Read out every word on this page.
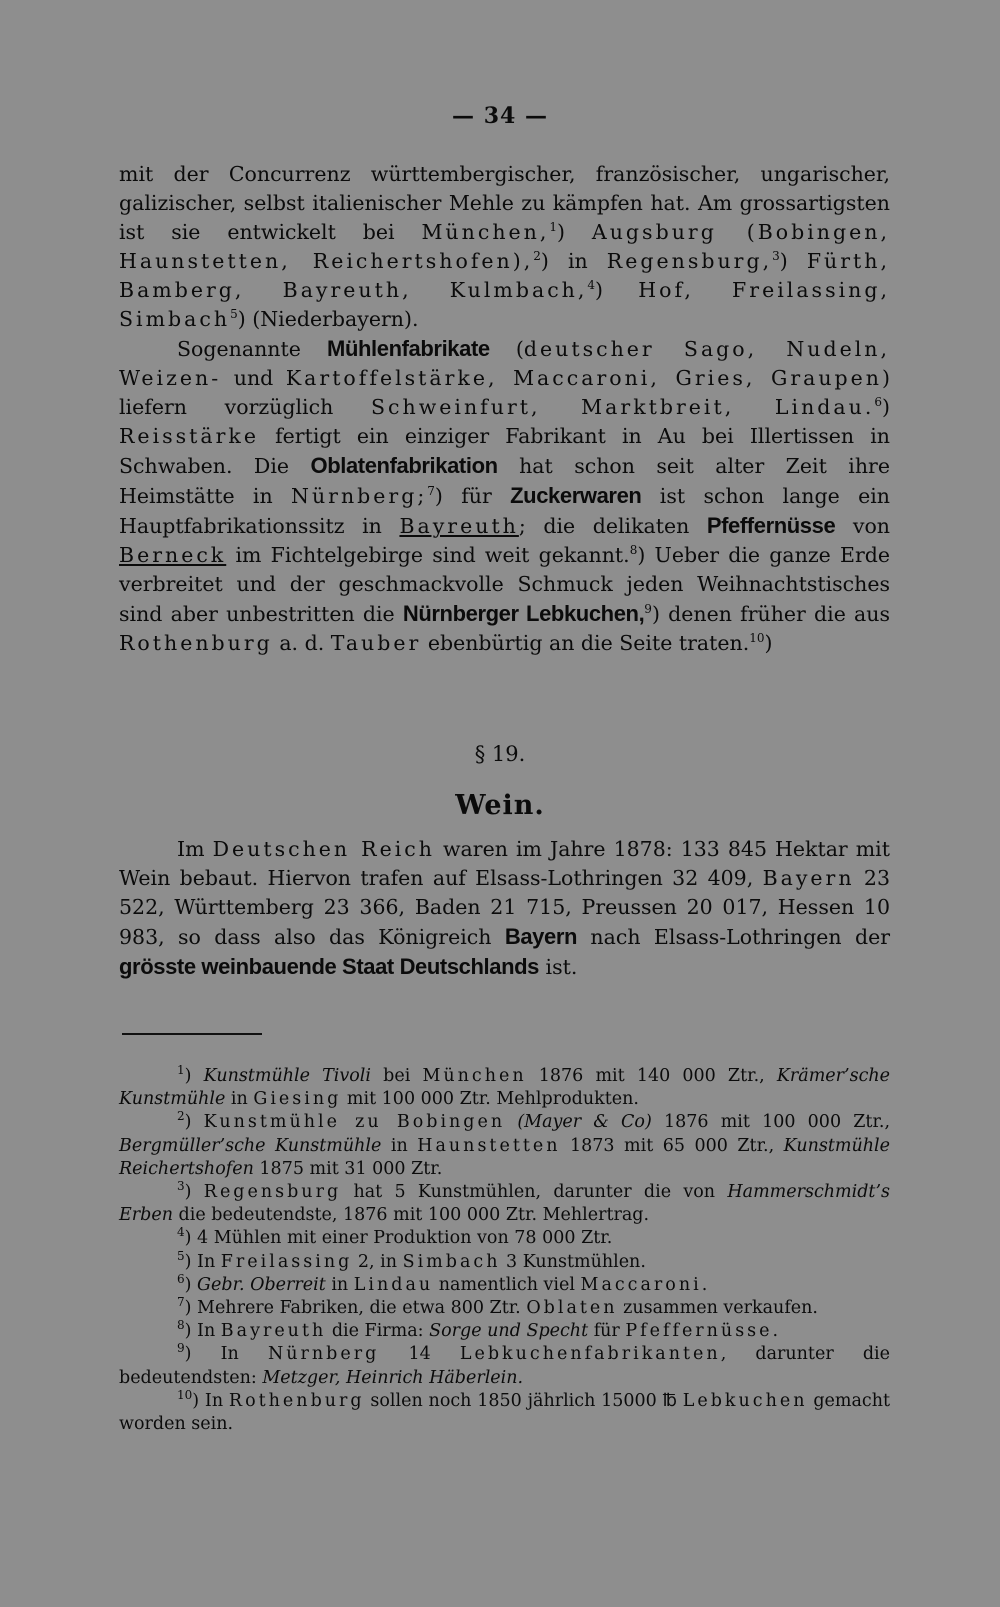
— 34 —

mit der Concurrenz württembergischer, französischer, ungarischer, galizischer, selbst italienischer Mehle zu kämpfen hat. Am grossartigsten ist sie entwickelt bei München,$^1$) Augsburg (Bobingen, Haunstetten, Reichertshofen),$^2$) in Regensburg,$^3$) Fürth, Bamberg, Bayreuth, Kulmbach,$^4$) Hof, Freilassing, Simbach$^5$) (Niederbayern).

Sogenannte Mühlenfabrikate (deutscher Sago, Nudeln, Weizen- und Kartoffelstärke, Maccaroni, Gries, Graupen) liefern vorzüglich Schweinfurt, Marktbreit, Lindau.$^6$) Reisstärke fertigt ein einziger Fabrikant in Au bei Illertissen in Schwaben. Die Oblatenfabrikation hat schon seit alter Zeit ihre Heimstätte in Nürnberg;$^7$) für Zuckerwaren ist schon lange ein Hauptfabrikationssitz in Bayreuth; die delikaten Pfeffernüsse von Berneck im Fichtelgebirge sind weit gekannt.$^8$) Ueber die ganze Erde verbreitet und der geschmackvolle Schmuck jeden Weihnachtstisches sind aber unbestritten die Nürnberger Lebkuchen,$^9$) denen früher die aus Rothenburg a. d. Tauber ebenbürtig an die Seite traten.$^{10}$)

§ 19.
Wein.

Im Deutschen Reich waren im Jahre 1878: 133 845 Hektar mit Wein bebaut. Hiervon trafen auf Elsass-Lothringen 32 409, Bayern 23 522, Württemberg 23 366, Baden 21 715, Preussen 20 017, Hessen 10 983, so dass also das Königreich Bayern nach Elsass-Lothringen der grösste weinbauende Staat Deutschlands ist.

$^1$) Kunstmühle Tivoli bei München 1876 mit 140 000 Ztr., Krämer’sche Kunstmühle in Giesing mit 100 000 Ztr. Mehlprodukten.

$^2$) Kunstmühle zu Bobingen (Mayer & Co) 1876 mit 100 000 Ztr., Bergmüller’sche Kunstmühle in Haunstetten 1873 mit 65 000 Ztr., Kunstmühle Reichertshofen 1875 mit 31 000 Ztr.

$^3$) Regensburg hat 5 Kunstmühlen, darunter die von Hammerschmidt’s Erben die bedeutendste, 1876 mit 100 000 Ztr. Mehlertrag.

$^4$) 4 Mühlen mit einer Produktion von 78 000 Ztr.

$^5$) In Freilassing 2, in Simbach 3 Kunstmühlen.

$^6$) Gebr. Oberreit in Lindau namentlich viel Maccaroni.

$^7$) Mehrere Fabriken, die etwa 800 Ztr. Oblaten zusammen verkaufen.

$^8$) In Bayreuth die Firma: Sorge und Specht für Pfeffernüsse.

$^9$) In Nürnberg 14 Lebkuchenfabrikanten, darunter die bedeutendsten: Metzger, Heinrich Häberlein.

$^{10}$) In Rothenburg sollen noch 1850 jährlich 15000 ℔ Lebkuchen gemacht worden sein.
